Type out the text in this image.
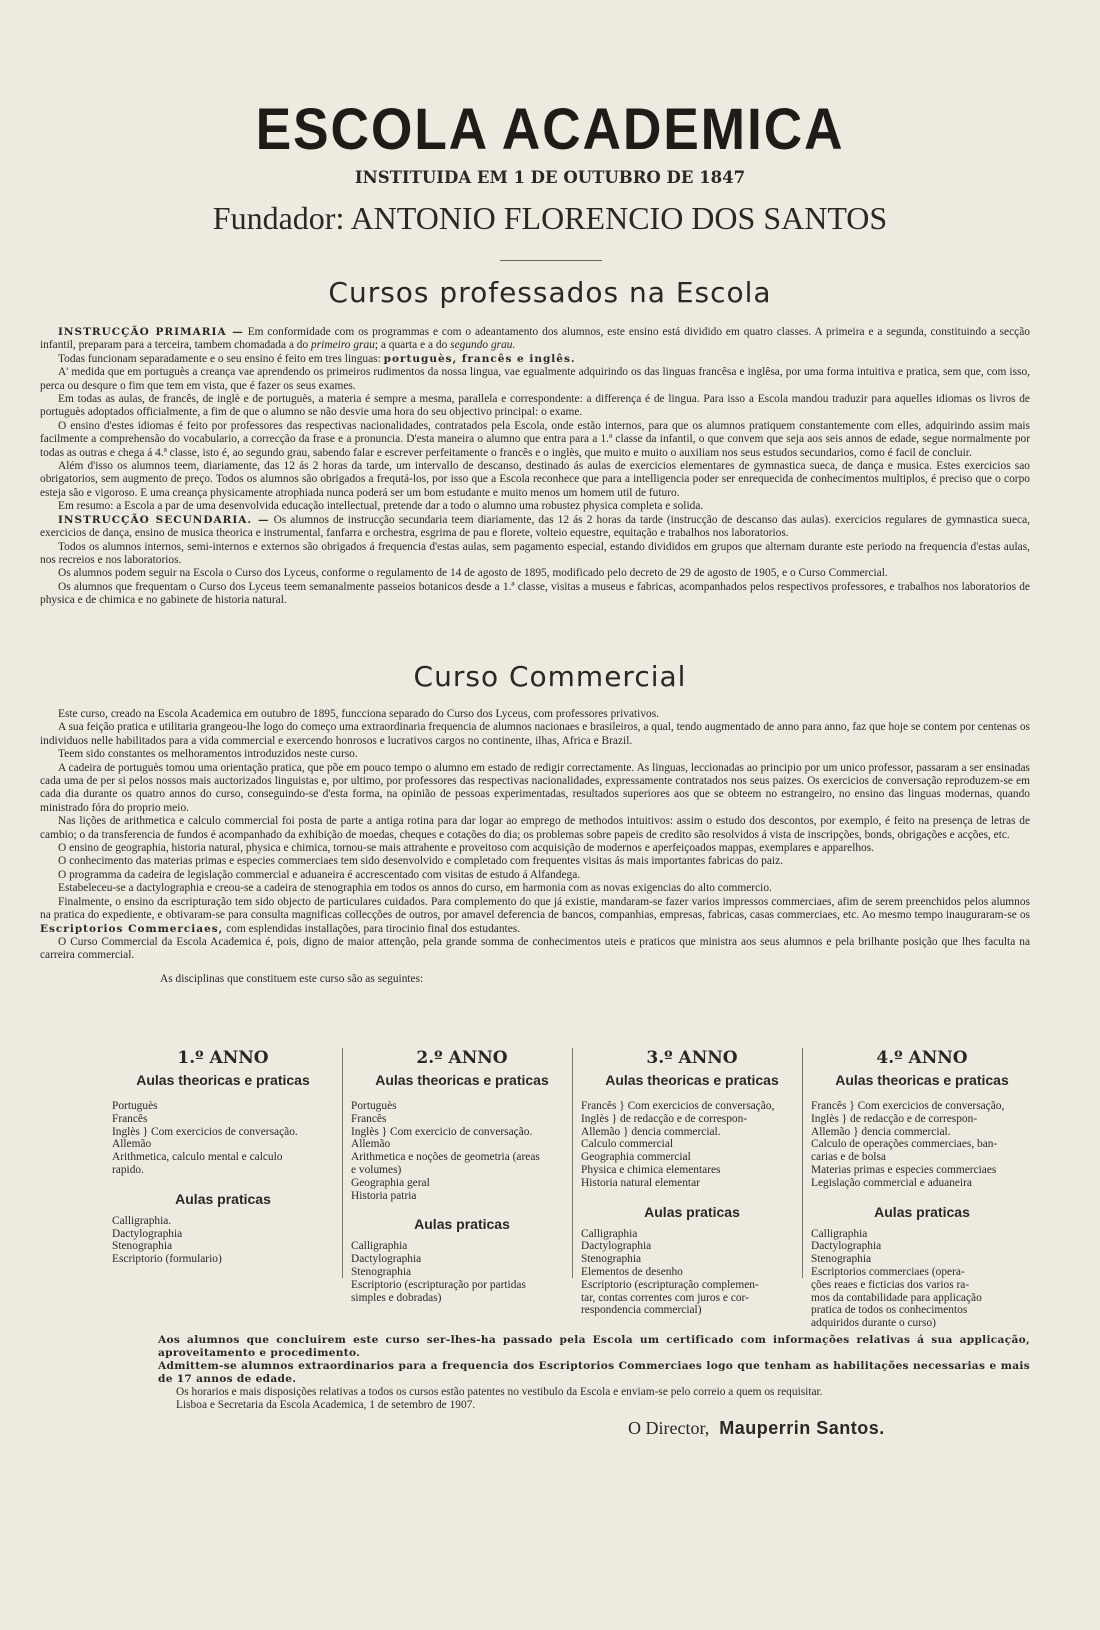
ESCOLA ACADEMICA

INSTITUIDA EM 1 DE OUTUBRO DE 1847

Fundador: ANTONIO FLORENCIO DOS SANTOS

Cursos professados na Escola

INSTRUCÇÃO PRIMARIA — Em conformidade com os programmas e com o adeantamento dos alumnos, este ensino está dividido em quatro classes. A primeira e a segunda, constituindo a secção infantil, preparam para a terceira, tambem chomadada a do primeiro grau; a quarta e a do segundo grau.

Todas funcionam separadamente e o seu ensino é feito em tres linguas: portuguès, francês e inglês.

A' medida que em portuguès a creança vae aprendendo os primeiros rudimentos da nossa lingua, vae egualmente adquirindo os das linguas francêsa e inglêsa, por uma forma intuitiva e pratica, sem que, com isso, perca ou desqure o fim que tem em vista, que é fazer os seus exames.

Em todas as aulas, de francês, de inglè e de portuguès, a materia é sempre a mesma, parallela e correspondente: a differença é de lingua. Para isso a Escola mandou traduzir para aquelles idiomas os livros de portuguès adoptados officialmente, a fim de que o alumno se não desvie uma hora do seu objectivo principal: o exame.

O ensino d'estes idiomas é feito por professores das respectivas nacionalidades, contratados pela Escola, onde estão internos, para que os alumnos pratiquem constantemente com elles, adquirindo assim mais facilmente a comprehensão do vocabulario, a correcção da frase e a pronuncia. D'esta maneira o alumno que entra para a 1.ª classe da infantil, o que convem que seja aos seis annos de edade, segue normalmente por todas as outras e chega á 4.ª classe, isto é, ao segundo grau, sabendo falar e escrever perfeitamente o francês e o inglès, que muito e muito o auxiliam nos seus estudos secundarios, como é facil de concluir.

Além d'isso os alumnos teem, diariamente, das 12 ás 2 horas da tarde, um intervallo de descanso, destinado ás aulas de exercicios elementares de gymnastica sueca, de dança e musica. Estes exercicios sao obrigatorios, sem augmento de preço. Todos os alumnos são obrigados a frequtá-los, por isso que a Escola reconhece que para a intelligencia poder ser enrequecida de conhecimentos multiplos, é preciso que o corpo esteja são e vigoroso. E uma creança physicamente atrophiada nunca poderá ser um bom estudante e muito menos um homem util de futuro.

Em resumo: a Escola a par de uma desenvolvida educação intellectual, pretende dar a todo o alumno uma robustez physica completa e solida.

INSTRUCÇÃO SECUNDARIA. — Os alumnos de instrucção secundaria teem diariamente, das 12 ás 2 horas da tarde (instrucção de descanso das aulas). exercicios regulares de gymnastica sueca, exercicios de dança, ensino de musica theorica e instrumental, fanfarra e orchestra, esgrima de pau e florete, volteio equestre, equitação e trabalhos nos laboratorios.

Todos os alumnos internos, semi-internos e externos são obrigados á frequencia d'estas aulas, sem pagamento especial, estando divididos em grupos que alternam durante este periodo na frequencia d'estas aulas, nos recreios e nos laboratorios.

Os alumnos podem seguir na Escola o Curso dos Lyceus, conforme o regulamento de 14 de agosto de 1895, modificado pelo decreto de 29 de agosto de 1905, e o Curso Commercial.

Os alumnos que frequentam o Curso dos Lyceus teem semanalmente passeios botanicos desde a 1.ª classe, visitas a museus e fabricas, acompanhados pelos respectivos professores, e trabalhos nos laboratorios de physica e de chimica e no gabinete de historia natural.

Curso Commercial

Este curso, creado na Escola Academica em outubro de 1895, funcciona separado do Curso dos Lyceus, com professores privativos.

A sua feição pratica e utilitaria grangeou-lhe logo do começo uma extraordinaria frequencia de alumnos nacionaes e brasileiros, a qual, tendo augmentado de anno para anno, faz que hoje se contem por centenas os individuos nelle habilitados para a vida commercial e exercendo honrosos e lucrativos cargos no continente, ilhas, Africa e Brazil.

Teem sido constantes os melhoramentos introduzidos neste curso.

A cadeira de portuguès tomou uma orientação pratica, que põe em pouco tempo o alumno em estado de redigir correctamente. As linguas, leccionadas ao principio por um unico professor, passaram a ser ensinadas cada uma de per si pelos nossos mais auctorizados linguistas e, por ultimo, por professores das respectivas nacionalidades, expressamente contratados nos seus paizes. Os exercicios de conversação reproduzem-se em cada dia durante os quatro annos do curso, conseguindo-se d'esta forma, na opinião de pessoas experimentadas, resultados superiores aos que se obteem no estrangeiro, no ensino das linguas modernas, quando ministrado fóra do proprio meio.

Nas lições de arithmetica e calculo commercial foi posta de parte a antiga rotina para dar logar ao emprego de methodos intuitivos: assim o estudo dos descontos, por exemplo, é feito na presença de letras de cambio; o da transferencia de fundos é acompanhado da exhibição de moedas, cheques e cotações do dia; os problemas sobre papeis de credito são resolvidos á vista de inscripções, bonds, obrigações e acções, etc.

O ensino de geographia, historia natural, physica e chimica, tornou-se mais attrahente e proveitoso com acquisição de modernos e aperfeiçoados mappas, exemplares e apparelhos.

O conhecimento das materias primas e especies commerciaes tem sido desenvolvido e completado com frequentes visitas ás mais importantes fabricas do paiz.

O programma da cadeira de legislação commercial e aduaneira é accrescentado com visitas de estudo á Alfandega.

Estabeleceu-se a dactylographia e creou-se a cadeira de stenographia em todos os annos do curso, em harmonia com as novas exigencias do alto commercio.

Finalmente, o ensino da escripturação tem sido objecto de particulares cuidados. Para complemento do que já existie, mandaram-se fazer varios impressos commerciaes, afim de serem preenchidos pelos alumnos na pratica do expediente, e obtivaram-se para consulta magnificas collecções de outros, por amavel deferencia de bancos, companhias, empresas, fabricas, casas commerciaes, etc. Ao mesmo tempo inauguraram-se os Escriptorios Commerciaes, com esplendidas installações, para tirocinio final dos estudantes.

O Curso Commercial da Escola Academica é, pois, digno de maior attenção, pela grande somma de conhecimentos uteis e praticos que ministra aos seus alumnos e pela brilhante posição que lhes faculta na carreira commercial.

As disciplinas que constituem este curso são as seguintes:

1.º ANNO

Aulas theoricas e praticas

Portuguès

Francês

Inglès } Com exercicios de conversação.

Allemão

Arithmetica, calculo mental e calculo

rapido.

Aulas praticas

Calligraphia.

Dactylographia

Stenographia

Escriptorio (formulario)

2.º ANNO

Aulas theoricas e praticas

Portuguès

Francês

Inglès } Com exercicio de conversação.

Allemão

Arithmetica e noções de geometria (areas

e volumes)

Geographia geral

Historia patria

Aulas praticas

Calligraphia

Dactylographia

Stenographia

Escriptorio (escripturação por partidas

simples e dobradas)

3.º ANNO

Aulas theoricas e praticas

Francês } Com exercicios de conversação,

Inglès } de redacção e de correspon-

Allemão } dencia commercial.

Calculo commercial

Geographia commercial

Physica e chimica elementares

Historia natural elementar

Aulas praticas

Calligraphia

Dactylographia

Stenographia

Elementos de desenho

Escriptorio (escripturação complemen-

tar, contas correntes com juros e cor-

respondencia commercial)

4.º ANNO

Aulas theoricas e praticas

Francês } Com exercicios de conversação,

Inglès } de redacção e de correspon-

Allemão } dencia commercial.

Calculo de operações commerciaes, ban-

carias e de bolsa

Materias primas e especies commerciaes

Legislação commercial e aduaneira

Aulas praticas

Calligraphia

Dactylographia

Stenographia

Escriptorios commerciaes (opera-

ções reaes e ficticias dos varios ra-

mos da contabilidade para applicação

pratica de todos os conhecimentos

adquiridos durante o curso)

Aos alumnos que concluirem este curso ser-lhes-ha passado pela Escola um certificado com informações relativas á sua applicação, aproveitamento e procedimento.

Admittem-se alumnos extraordinarios para a frequencia dos Escriptorios Commerciaes logo que tenham as habilitações necessarias e mais de 17 annos de edade.

Os horarios e mais disposições relativas a todos os cursos estão patentes no vestibulo da Escola e enviam-se pelo correio a quem os requisitar.

Lisboa e Secretaria da Escola Academica, 1 de setembro de 1907.

O Director, Mauperrin Santos.
